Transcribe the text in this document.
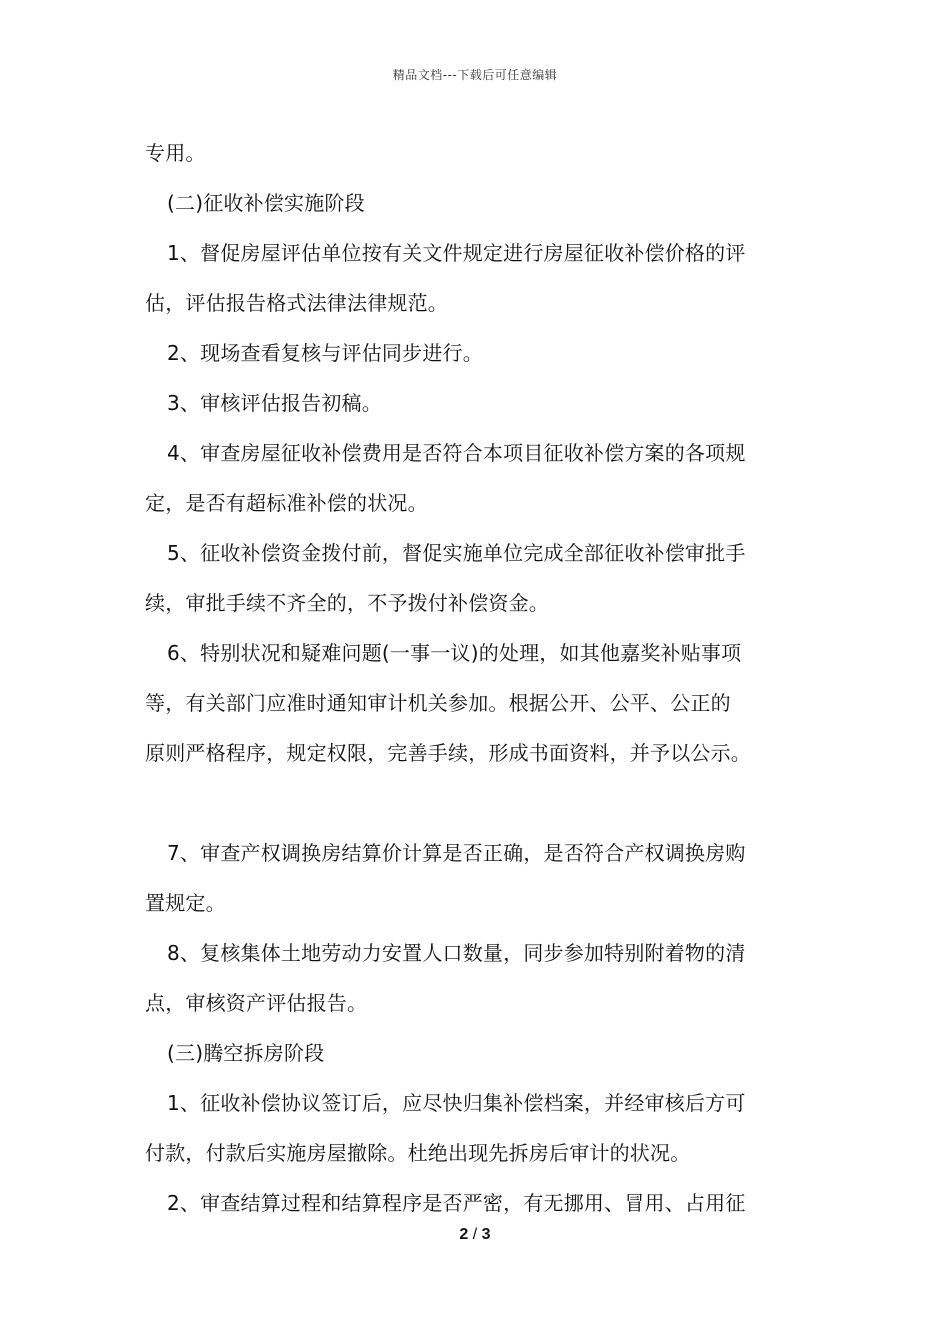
精品文档---下载后可任意编辑
专用。
(二)征收补偿实施阶段
1、督促房屋评估单位按有关文件规定进行房屋征收补偿价格的评
估，评估报告格式法律法律规范。
2、现场查看复核与评估同步进行。
3、审核评估报告初稿。
4、审查房屋征收补偿费用是否符合本项目征收补偿方案的各项规
定，是否有超标准补偿的状况。
5、征收补偿资金拨付前，督促实施单位完成全部征收补偿审批手
续，审批手续不齐全的，不予拨付补偿资金。
6、特别状况和疑难问题(一事一议)的处理，如其他嘉奖补贴事项
等，有关部门应准时通知审计机关参加。根据公开、公平、公正的
原则严格程序，规定权限，完善手续，形成书面资料，并予以公示。
7、审查产权调换房结算价计算是否正确，是否符合产权调换房购
置规定。
8、复核集体土地劳动力安置人口数量，同步参加特别附着物的清
点，审核资产评估报告。
(三)腾空拆房阶段
1、征收补偿协议签订后，应尽快归集补偿档案，并经审核后方可
付款，付款后实施房屋撤除。杜绝出现先拆房后审计的状况。
2、审查结算过程和结算程序是否严密，有无挪用、冒用、占用征
2 / 3
